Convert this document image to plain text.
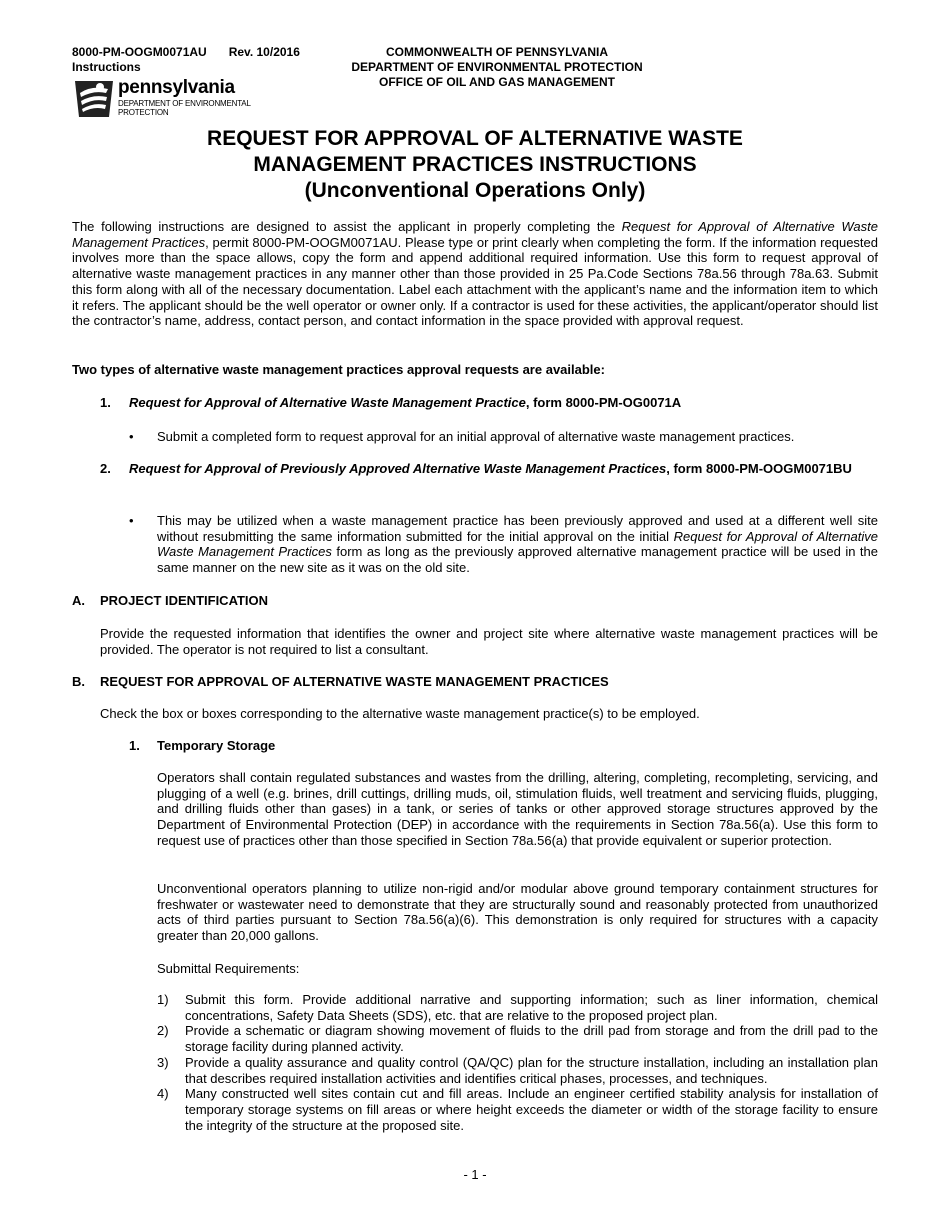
8000-PM-OOGM0071AU Rev. 10/2016
Instructions
COMMONWEALTH OF PENNSYLVANIA
DEPARTMENT OF ENVIRONMENTAL PROTECTION
OFFICE OF OIL AND GAS MANAGEMENT
pennsylvania
DEPARTMENT OF ENVIRONMENTAL
PROTECTION
REQUEST FOR APPROVAL OF ALTERNATIVE WASTE
MANAGEMENT PRACTICES INSTRUCTIONS
(Unconventional Operations Only)
The following instructions are designed to assist the applicant in properly completing the Request for Approval of Alternative Waste Management Practices, permit 8000-PM-OOGM0071AU. Please type or print clearly when completing the form. If the information requested involves more than the space allows, copy the form and append additional required information. Use this form to request approval of alternative waste management practices in any manner other than those provided in 25 Pa.Code Sections 78a.56 through 78a.63. Submit this form along with all of the necessary documentation. Label each attachment with the applicant’s name and the information item to which it refers. The applicant should be the well operator or owner only. If a contractor is used for these activities, the applicant/operator should list the contractor’s name, address, contact person, and contact information in the space provided with approval request.
Two types of alternative waste management practices approval requests are available:
1. Request for Approval of Alternative Waste Management Practice, form 8000-PM-OG0071A
• Submit a completed form to request approval for an initial approval of alternative waste management practices.
2. Request for Approval of Previously Approved Alternative Waste Management Practices, form 8000-PM-OOGM0071BU
• This may be utilized when a waste management practice has been previously approved and used at a different well site without resubmitting the same information submitted for the initial approval on the initial Request for Approval of Alternative Waste Management Practices form as long as the previously approved alternative management practice will be used in the same manner on the new site as it was on the old site.
A. PROJECT IDENTIFICATION
Provide the requested information that identifies the owner and project site where alternative waste management practices will be provided. The operator is not required to list a consultant.
B. REQUEST FOR APPROVAL OF ALTERNATIVE WASTE MANAGEMENT PRACTICES
Check the box or boxes corresponding to the alternative waste management practice(s) to be employed.
1. Temporary Storage
Operators shall contain regulated substances and wastes from the drilling, altering, completing, recompleting, servicing, and plugging of a well (e.g. brines, drill cuttings, drilling muds, oil, stimulation fluids, well treatment and servicing fluids, plugging, and drilling fluids other than gases) in a tank, or series of tanks or other approved storage structures approved by the Department of Environmental Protection (DEP) in accordance with the requirements in Section 78a.56(a). Use this form to request use of practices other than those specified in Section 78a.56(a) that provide equivalent or superior protection.
Unconventional operators planning to utilize non-rigid and/or modular above ground temporary containment structures for freshwater or wastewater need to demonstrate that they are structurally sound and reasonably protected from unauthorized acts of third parties pursuant to Section 78a.56(a)(6). This demonstration is only required for structures with a capacity greater than 20,000 gallons.
Submittal Requirements:
1) Submit this form. Provide additional narrative and supporting information; such as liner information, chemical concentrations, Safety Data Sheets (SDS), etc. that are relative to the proposed project plan.
2) Provide a schematic or diagram showing movement of fluids to the drill pad from storage and from the drill pad to the storage facility during planned activity.
3) Provide a quality assurance and quality control (QA/QC) plan for the structure installation, including an installation plan that describes required installation activities and identifies critical phases, processes, and techniques.
4) Many constructed well sites contain cut and fill areas. Include an engineer certified stability analysis for installation of temporary storage systems on fill areas or where height exceeds the diameter or width of the storage facility to ensure the integrity of the structure at the proposed site.
- 1 -
